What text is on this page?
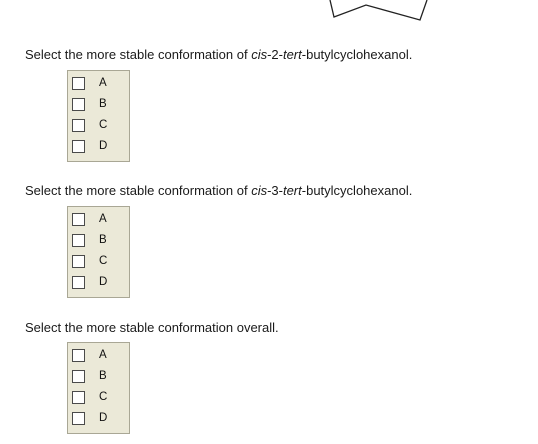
Select the more stable conformation of cis-2-tert-butylcyclohexanol.
A
B
C
D
Select the more stable conformation of cis-3-tert-butylcyclohexanol.
A
B
C
D
Select the more stable conformation overall.
A
B
C
D
